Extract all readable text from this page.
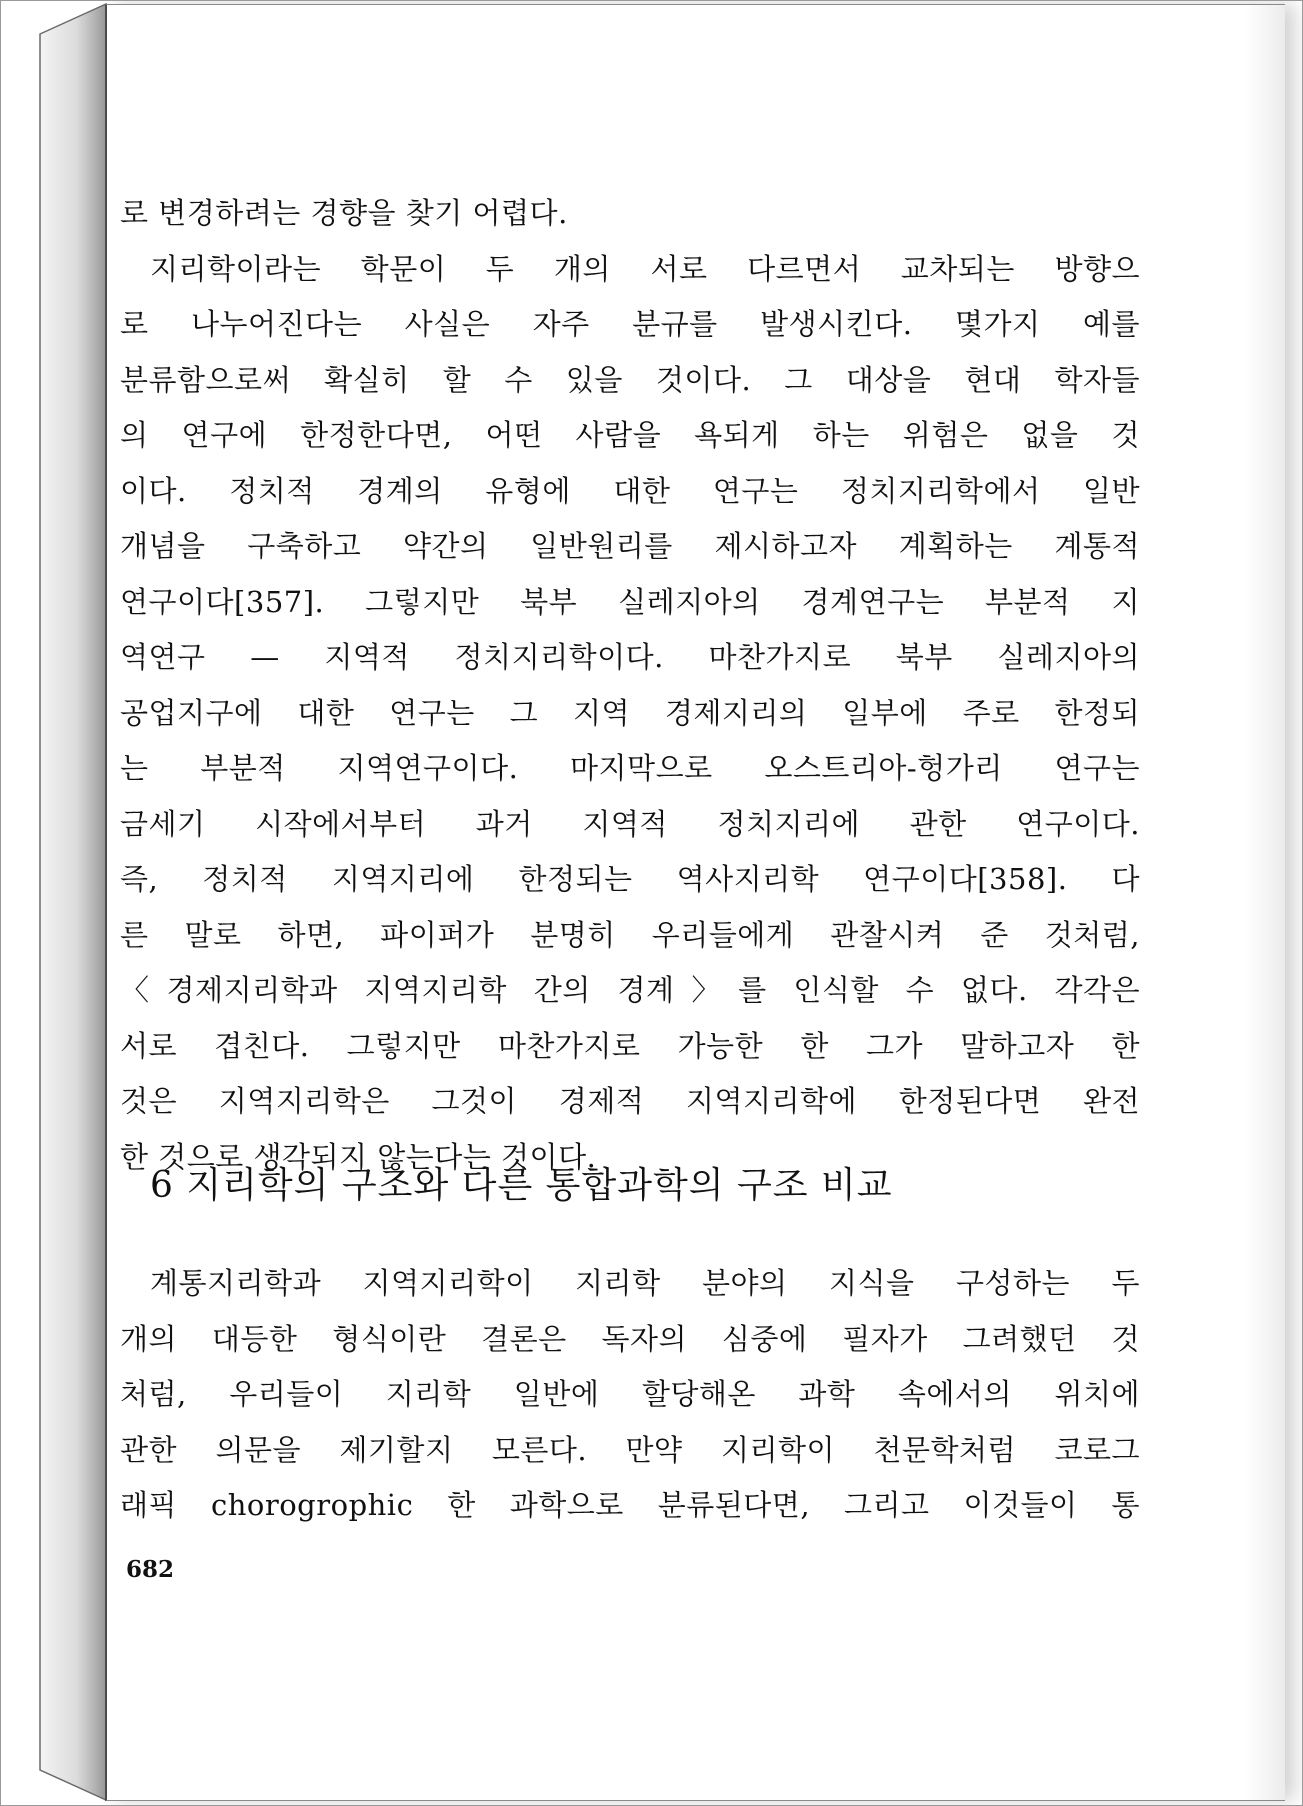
로 변경하려는 경향을 찾기 어렵다.
지리학이라는 학문이 두 개의 서로 다르면서 교차되는 방향으
로 나누어진다는 사실은 자주 분규를 발생시킨다. 몇가지 예를
분류함으로써 확실히 할 수 있을 것이다. 그 대상을 현대 학자들
의 연구에 한정한다면, 어떤 사람을 욕되게 하는 위험은 없을 것
이다. 정치적 경계의 유형에 대한 연구는 정치지리학에서 일반
개념을 구축하고 약간의 일반원리를 제시하고자 계획하는 계통적
연구이다[357]. 그렇지만 북부 실레지아의 경계연구는 부분적 지
역연구 — 지역적 정치지리학이다. 마찬가지로 북부 실레지아의
공업지구에 대한 연구는 그 지역 경제지리의 일부에 주로 한정되
는 부분적 지역연구이다. 마지막으로 오스트리아-헝가리 연구는
금세기 시작에서부터 과거 지역적 정치지리에 관한 연구이다.
즉, 정치적 지역지리에 한정되는 역사지리학 연구이다[358]. 다
른 말로 하면, 파이퍼가 분명히 우리들에게 관찰시켜 준 것처럼,
〈경제지리학과 지역지리학 간의 경계〉를 인식할 수 없다. 각각은
서로 겹친다. 그렇지만 마찬가지로 가능한 한 그가 말하고자 한
것은 지역지리학은 그것이 경제적 지역지리학에 한정된다면 완전
한 것으로 생각되지 않는다는 것이다.
6 지리학의 구조와 다른 통합과학의 구조 비교
계통지리학과 지역지리학이 지리학 분야의 지식을 구성하는 두
개의 대등한 형식이란 결론은 독자의 심중에 필자가 그려했던 것
처럼, 우리들이 지리학 일반에 할당해온 과학 속에서의 위치에
관한 의문을 제기할지 모른다. 만약 지리학이 천문학처럼 코로그
래픽 chorogrophic 한 과학으로 분류된다면, 그리고 이것들이 통
682
